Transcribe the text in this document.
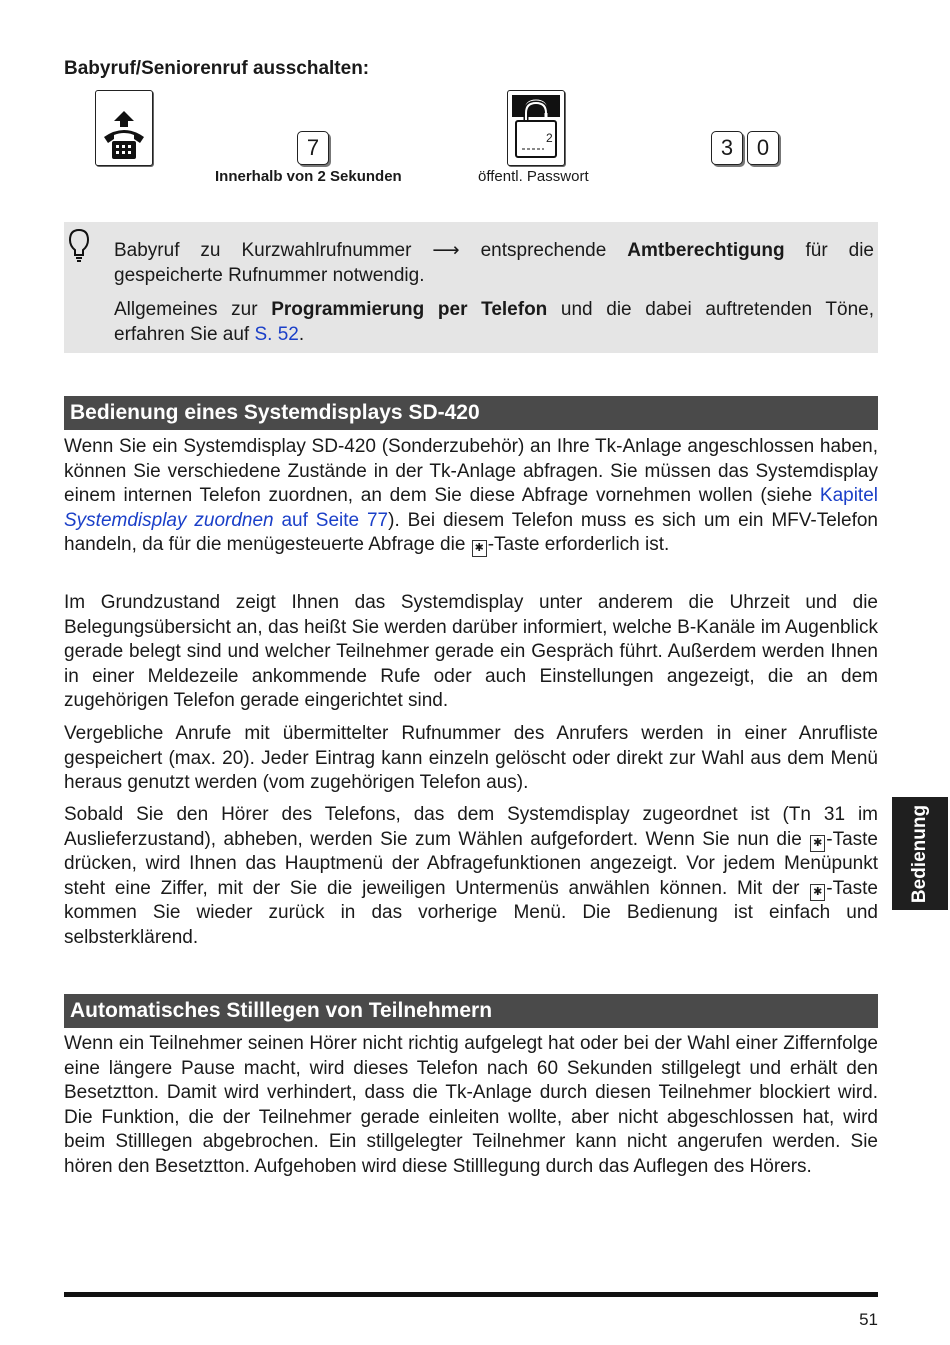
Babyruf/Seniorenruf ausschalten:
7
Innerhalb von 2 Sekunden
2
öffentl. Passwort
3	0

Babyruf zu Kurzwahlrufnummer ⟶ entsprechende Amtberechtigung für die gespeicherte Rufnummer notwendig.

Allgemeines zur Programmierung per Telefon und die dabei auftretenden Töne, erfahren Sie auf S. 52.

Bedienung eines Systemdisplays SD-420

Wenn Sie ein Systemdisplay SD-420 (Sonderzubehör) an Ihre Tk-Anlage angeschlossen haben, können Sie verschiedene Zustände in der Tk-Anlage abfragen. Sie müssen das Systemdisplay einem internen Telefon zuordnen, an dem Sie diese Abfrage vornehmen wollen (siehe Kapitel Systemdisplay zuordnen auf Seite 77). Bei diesem Telefon muss es sich um ein MFV-Telefon handeln, da für die menügesteuerte Abfrage die ✱ -Taste erforderlich ist.

Im Grundzustand zeigt Ihnen das Systemdisplay unter anderem die Uhrzeit und die Belegungsübersicht an, das heißt Sie werden darüber informiert, welche B-Kanäle im Augenblick gerade belegt sind und welcher Teilnehmer gerade ein Gespräch führt. Außerdem werden Ihnen in einer Meldezeile ankommende Rufe oder auch Einstellungen angezeigt, die an dem zugehörigen Telefon gerade eingerichtet sind.

Vergebliche Anrufe mit übermittelter Rufnummer des Anrufers werden in einer Anrufliste gespeichert (max. 20). Jeder Eintrag kann einzeln gelöscht oder direkt zur Wahl aus dem Menü heraus genutzt werden (vom zugehörigen Telefon aus).

Sobald Sie den Hörer des Telefons, das dem Systemdisplay zugeordnet ist (Tn 31 im Auslieferzustand), abheben, werden Sie zum Wählen aufgefordert. Wenn Sie nun die ✱ -Taste drücken, wird Ihnen das Hauptmenü der Abfragefunktionen angezeigt. Vor jedem Menüpunkt steht eine Ziffer, mit der Sie die jeweiligen Untermenüs anwählen können. Mit der ✱ -Taste kommen Sie wieder zurück in das vorherige Menü. Die Bedienung ist einfach und selbsterklärend.

Automatisches Stilllegen von Teilnehmern

Wenn ein Teilnehmer seinen Hörer nicht richtig aufgelegt hat oder bei der Wahl einer Ziffernfolge eine längere Pause macht, wird dieses Telefon nach 60 Sekunden stillgelegt und erhält den Besetztton. Damit wird verhindert, dass die Tk-Anlage durch diesen Teilnehmer blockiert wird. Die Funktion, die der Teilnehmer gerade einleiten wollte, aber nicht abgeschlossen hat, wird beim Stilllegen abgebrochen. Ein stillgelegter Teilnehmer kann nicht angerufen werden. Sie hören den Besetztton. Aufgehoben wird diese Stilllegung durch das Auflegen des Hörers.

Bedienung
51
